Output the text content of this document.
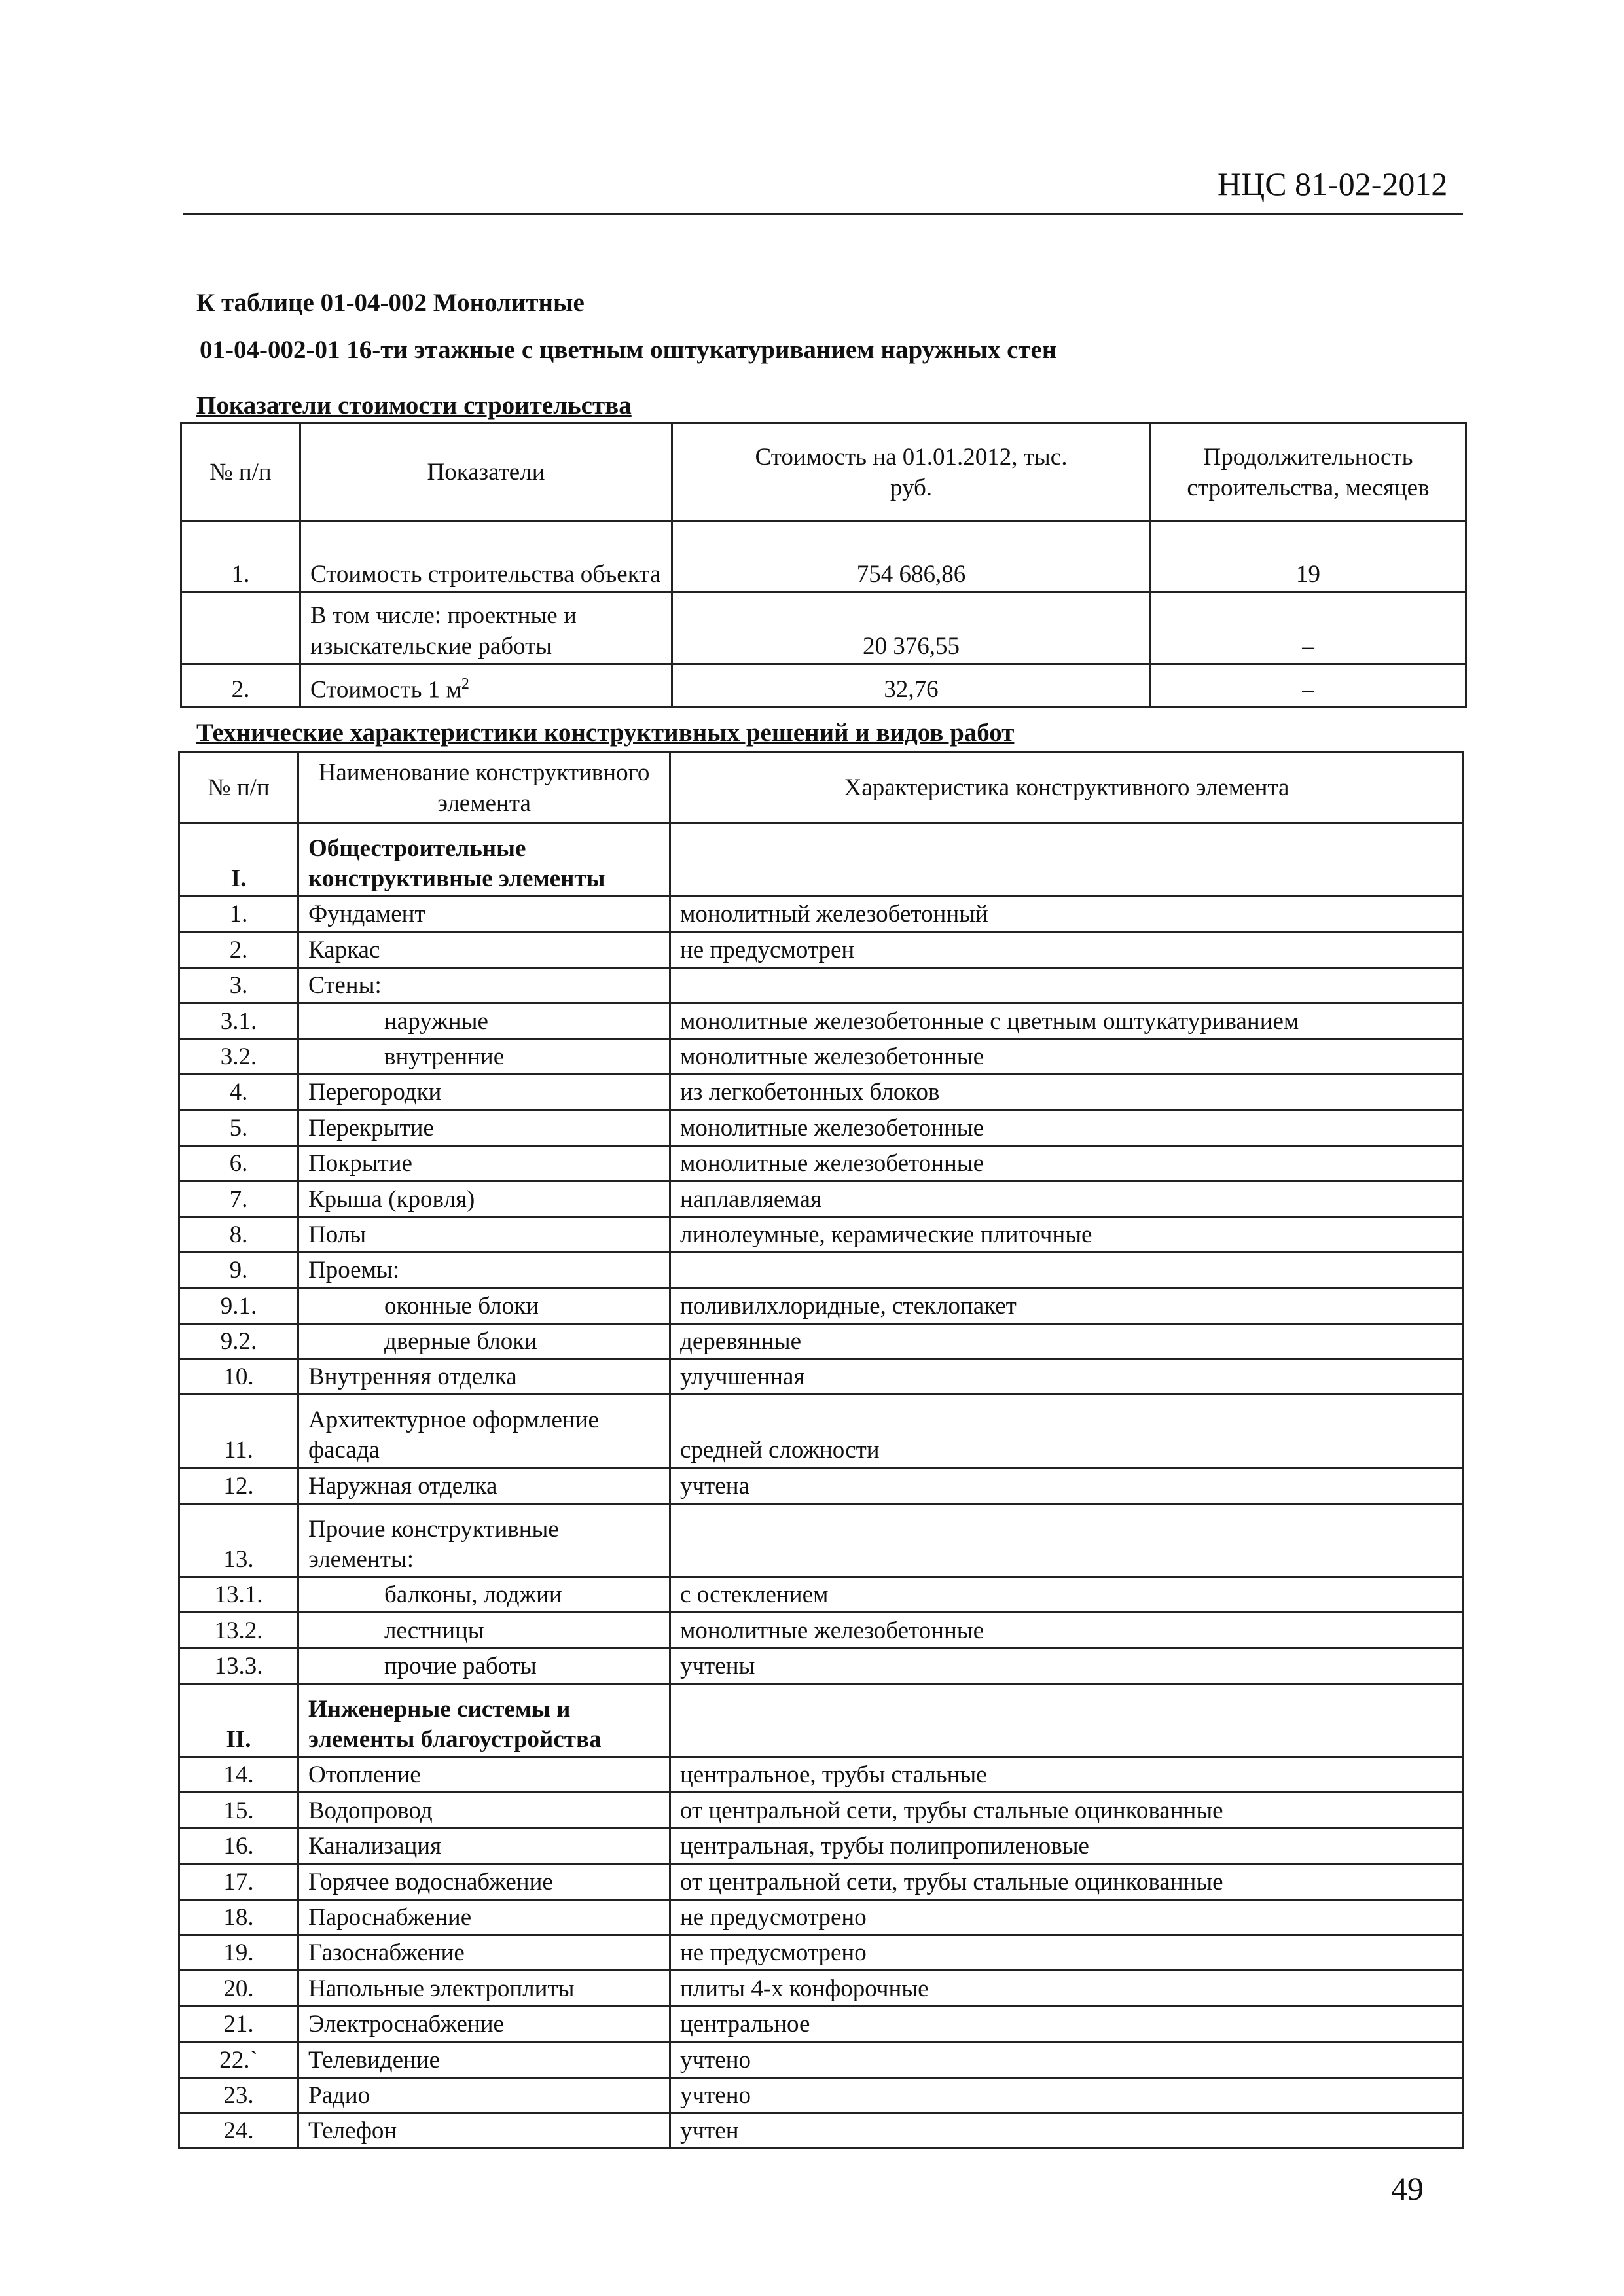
НЦС 81-02-2012
К таблице 01-04-002 Монолитные
01-04-002-01 16-ти этажные с цветным оштукатуриванием наружных стен
Показатели стоимости строительства
№ п/п	Показатели	Стоимость на 01.01.2012, тыс. руб.	Продолжительность строительства, месяцев
1.	Стоимость строительства объекта	754 686,86	19
	В том числе: проектные и изыскательские работы	20 376,55	–
2.	Стоимость 1 $м^2$	32,76	–
Технические характеристики конструктивных решений и видов работ
№ п/п	Наименование конструктивного элемента	Характеристика конструктивного элемента
I.	Общестроительные конструктивные элементы	
1.	Фундамент	монолитный железобетонный
2.	Каркас	не предусмотрен
3.	Стены:	
3.1.	наружные	монолитные железобетонные с цветным оштукатуриванием
3.2.	внутренние	монолитные железобетонные
4.	Перегородки	из легкобетонных блоков
5.	Перекрытие	монолитные железобетонные
6.	Покрытие	монолитные железобетонные
7.	Крыша (кровля)	наплавляемая
8.	Полы	линолеумные, керамические плиточные
9.	Проемы:	
9.1.	оконные блоки	поливилхлоридные, стеклопакет
9.2.	дверные блоки	деревянные
10.	Внутренняя отделка	улучшенная
11.	Архитектурное оформление фасада	средней сложности
12.	Наружная отделка	учтена
13.	Прочие конструктивные элементы:	
13.1.	балконы, лоджии	с остеклением
13.2.	лестницы	монолитные железобетонные
13.3.	прочие работы	учтены
II.	Инженерные системы и элементы благоустройства	
14.	Отопление	центральное, трубы стальные
15.	Водопровод	от центральной сети, трубы стальные оцинкованные
16.	Канализация	центральная, трубы полипропиленовые
17.	Горячее водоснабжение	от центральной сети, трубы стальные оцинкованные
18.	Пароснабжение	не предусмотрено
19.	Газоснабжение	не предусмотрено
20.	Напольные электроплиты	плиты 4-х конфорочные
21.	Электроснабжение	центральное
22.`	Телевидение	учтено
23.	Радио	учтено
24.	Телефон	учтен
49
